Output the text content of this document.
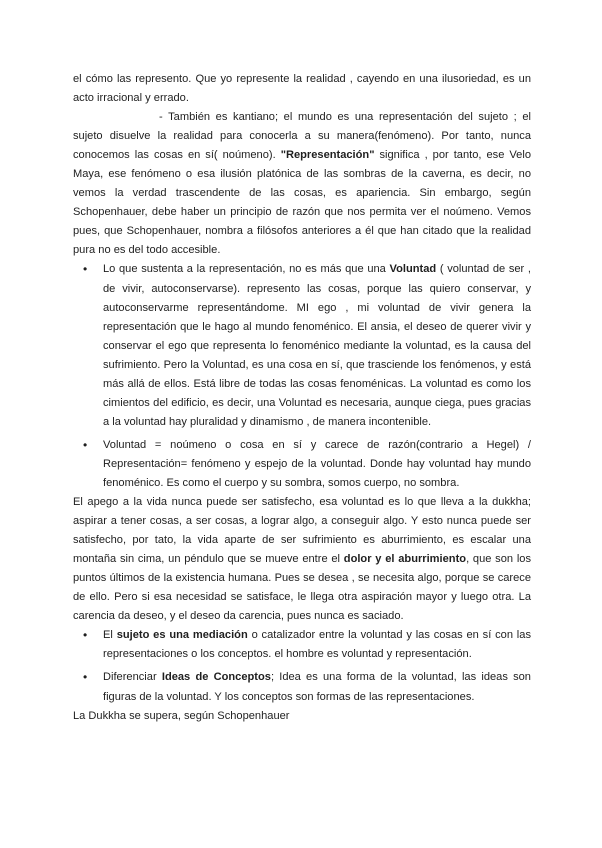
el cómo las represento. Que yo represente la realidad , cayendo en una ilusoriedad, es un acto irracional y errado.

- También es kantiano; el mundo es una representación del sujeto ; el sujeto disuelve la realidad para conocerla a su manera(fenómeno). Por tanto, nunca conocemos las cosas en sí( noúmeno). "Representación" significa , por tanto, ese Velo Maya, ese fenómeno o esa ilusión platónica de las sombras de la caverna, es decir, no vemos la verdad trascendente de las cosas, es apariencia. Sin embargo, según Schopenhauer, debe haber un principio de razón que nos permita ver el noúmeno. Vemos pues, que Schopenhauer, nombra a filósofos anteriores a él que han citado que la realidad pura no es del todo accesible.

• Lo que sustenta a la representación, no es más que una Voluntad ( voluntad de ser , de vivir, autoconservarse). represento las cosas, porque las quiero conservar, y autoconservarme representándome. MI ego , mi voluntad de vivir genera la representación que le hago al mundo fenoménico. El ansia, el deseo de querer vivir y conservar el ego que representa lo fenoménico mediante la voluntad, es la causa del sufrimiento. Pero la Voluntad, es una cosa en sí, que trasciende los fenómenos, y está más allá de ellos. Está libre de todas las cosas fenoménicas. La voluntad es como los cimientos del edificio, es decir, una Voluntad es necesaria, aunque ciega, pues gracias a la voluntad hay pluralidad y dinamismo , de manera incontenible.
• Voluntad = noúmeno o cosa en sí y carece de razón(contrario a Hegel) / Representación= fenómeno y espejo de la voluntad. Donde hay voluntad hay mundo fenoménico. Es como el cuerpo y su sombra, somos cuerpo, no sombra.

El apego a la vida nunca puede ser satisfecho, esa voluntad es lo que lleva a la dukkha; aspirar a tener cosas, a ser cosas, a lograr algo, a conseguir algo. Y esto nunca puede ser satisfecho, por tato, la vida aparte de ser sufrimiento es aburrimiento, es escalar una montaña sin cima, un péndulo que se mueve entre el dolor y el aburrimiento, que son los puntos últimos de la existencia humana. Pues se desea , se necesita algo, porque se carece de ello. Pero si esa necesidad se satisface, le llega otra aspiración mayor y luego otra. La carencia da deseo, y el deseo da carencia, pues nunca es saciado.

• El sujeto es una mediación o catalizador entre la voluntad y las cosas en sí con las representaciones o los conceptos. el hombre es voluntad y representación.
• Diferenciar Ideas de Conceptos; Idea es una forma de la voluntad, las ideas son figuras de la voluntad. Y los conceptos son formas de las representaciones.

La Dukkha se supera, según Schopenhauer
